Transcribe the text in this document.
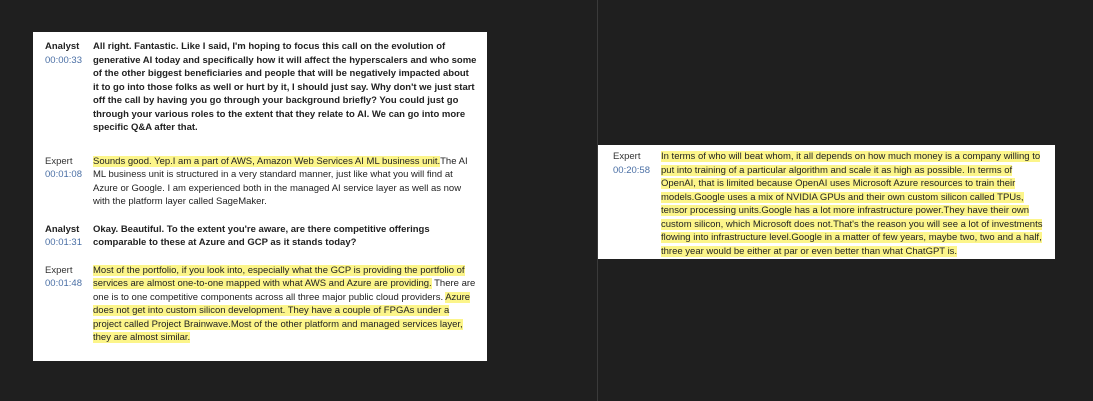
Analyst
00:00:33
All right. Fantastic. Like I said, I'm hoping to focus this call on the evolution of generative AI today and specifically how it will affect the hyperscalers and who some of the other biggest beneficiaries and people that will be negatively impacted about it to go into those folks as well or hurt by it, I should just say. Why don't we just start off the call by having you go through your background briefly? You could just go through your various roles to the extent that they relate to AI. We can go into more specific Q&A after that.
Expert
00:01:08
Sounds good. Yep.I am a part of AWS, Amazon Web Services AI ML business unit.The AI ML business unit is structured in a very standard manner, just like what you will find at Azure or Google. I am experienced both in the managed AI service layer as well as now with the platform layer called SageMaker.
Analyst
00:01:31
Okay. Beautiful. To the extent you're aware, are there competitive offerings comparable to these at Azure and GCP as it stands today?
Expert
00:01:48
Most of the portfolio, if you look into, especially what the GCP is providing the portfolio of services are almost one-to-one mapped with what AWS and Azure are providing. There are one is to one competitive components across all three major public cloud providers. Azure does not get into custom silicon development. They have a couple of FPGAs under a project called Project Brainwave.Most of the other platform and managed services layer, they are almost similar.
Expert
00:20:58
In terms of who will beat whom, it all depends on how much money is a company willing to put into training of a particular algorithm and scale it as high as possible. In terms of OpenAI, that is limited because OpenAI uses Microsoft Azure resources to train their models.Google uses a mix of NVIDIA GPUs and their own custom silicon called TPUs, tensor processing units.Google has a lot more infrastructure power.They have their own custom silicon, which Microsoft does not.That's the reason you will see a lot of investments flowing into infrastructure level.Google in a matter of few years, maybe two, two and a half, three year would be either at par or even better than what ChatGPT is.
